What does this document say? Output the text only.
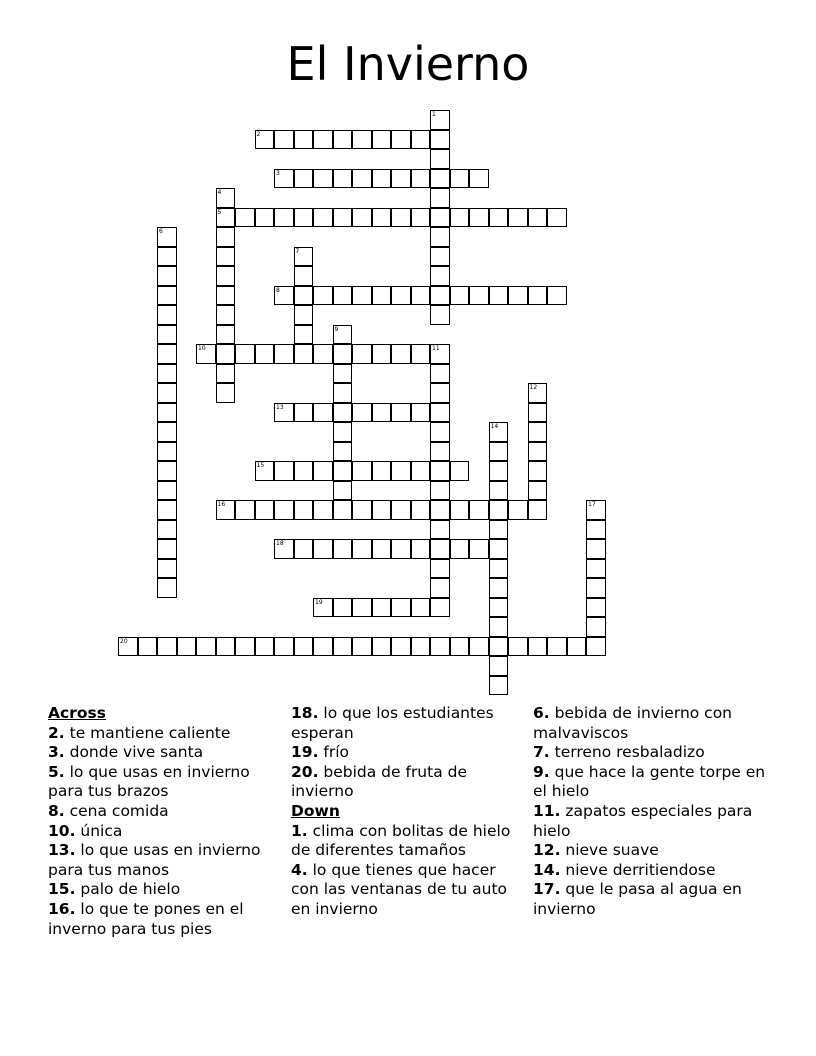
El Invierno
2
3
5
8
10	11
13
15
16
18
19
20
1
4
6
7
9
12
14
17

Across

2. te mantiene caliente

3. donde vive santa

5. lo que usas en invierno para tus brazos

8. cena comida

10. única

13. lo que usas en invierno para tus manos

15. palo de hielo

16. lo que te pones en el inverno para tus pies

18. lo que los estudiantes esperan

19. frío

20. bebida de fruta de invierno

Down

1. clima con bolitas de hielo de diferentes tamaños

4. lo que tienes que hacer con las ventanas de tu auto en invierno

6. bebida de invierno con malvaviscos

7. terreno resbaladizo

9. que hace la gente torpe en el hielo

11. zapatos especiales para hielo

12. nieve suave

14. nieve derritiendose

17. que le pasa al agua en invierno
